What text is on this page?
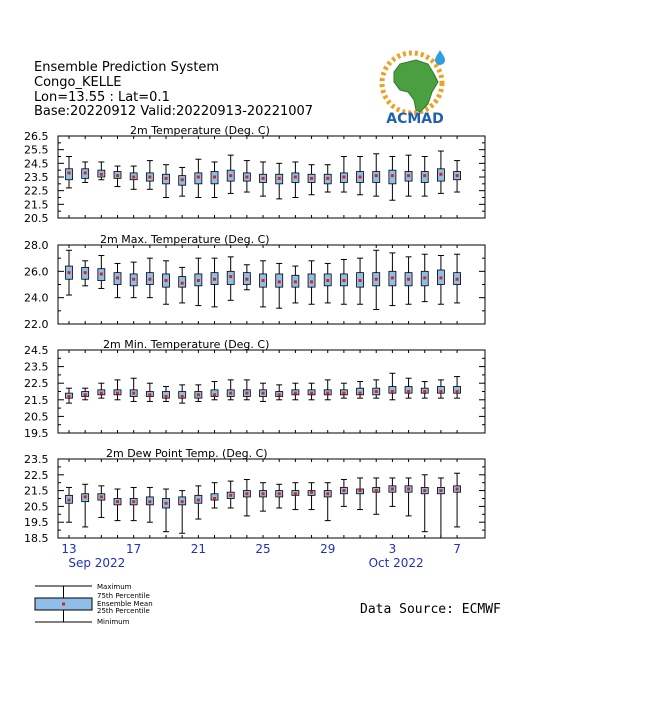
Ensemble Prediction System
Congo_KELLE
Lon=13.55 : Lat=0.1
Base:20220912 Valid:20220913-20221007	ACMAD
2m Temperature (Deg. C)
26.5
25.5
24.5
23.5
22.5
21.5
20.5
2m Max. Temperature (Deg. C)
28.0
26.0
24.0
22.0
2m Min. Temperature (Deg. C)
24.5
23.5
22.5
21.5
20.5
19.5
2m Dew Point Temp. (Deg. C)
23.5
22.5
21.5
20.5
19.5
18.5
13	17	21	25	29	3	7
Sep 2022	Oct 2022
Maximum
75th Percentile
Ensemble Mean
25th Percentile
Minimum
Data Source: ECMWF
